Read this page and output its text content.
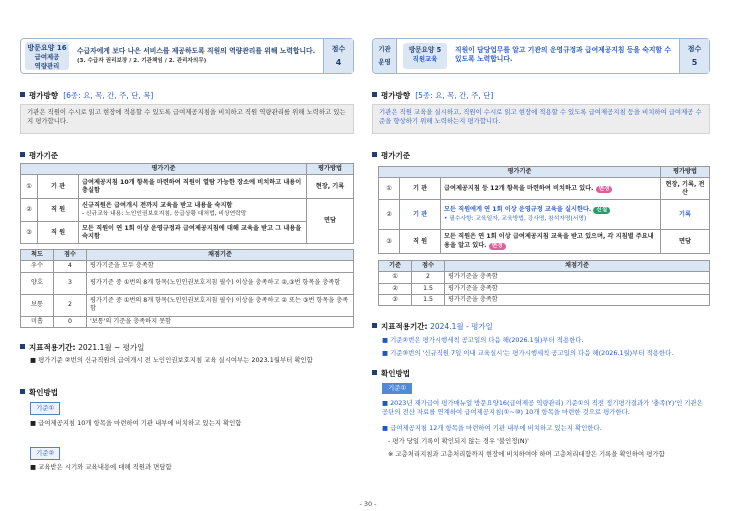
방문요양 16
급여제공
역량관리
수급자에게 보다 나은 서비스를 제공하도록 직원의 역량관리를 위해 노력합니다.
(3. 수급자 권리보장 / 2. 기관책임 / 2. 관리자의무)
점수
4
평가방향 [6종: 요, 목, 간, 주, 단, 복]
기관은 직원이 수시로 읽고 현장에 적용할 수 있도록 급여제공지침을 비치하고 직원 역량관리를 위해 노력하고 있는지 평가합니다.
평가기준
평가기준			평가방법
①	기 관	급여제공지침 10개 항목을 마련하여 직원이 열람 가능한 장소에 비치하고 내용이 충실함	현장, 기록
②	직 원	신규직원은 급여개시 전까지 교육을 받고 내용을 숙지함
- 신규교육 내용: 노인인권보호지침, 응급상황 대처법, 비상연락망	면담
③	직 원	모든 직원이 연 1회 이상 운영규정과 급여제공지침에 대해 교육을 받고 그 내용을 숙지함	
척도	점수	채점기준
우수	4	평가기준을 모두 충족함
양호	3	평가기준 중 ①번의 8개 항목(노인인권보호지침 필수) 이상을 충족하고 ②,③번 항목을 충족함
보통	2	평가기준 중 ①번의 8개 항목(노인인권보호지침 필수) 이상을 충족하고 ② 또는 ③번 항목을 충족함
미흡	0	'보통'의 기준을 충족하지 못함
지표적용기간: 2021.1월 ~ 평가일
■ 평가기준 ②번의 신규직원의 급여개시 전 노인인권보호지침 교육 실시여부는 2023.1월부터 확인함
확인방법
기준①
■ 급여제공지침 10개 항목을 마련하여 기관 내부에 비치하고 있는지 확인함
기준②
■ 교육받은 시기와 교육내용에 대해 직원과 면담함
기관
운영
방문요양 5
직원교육
직원이 담당업무를 알고 기관의 운영규정과 급여제공지침 등을 숙지할 수 있도록 노력합니다.
점수
5
평가방향 [5종: 요, 목, 간, 주, 단]
기관은 직원 교육을 실시하고, 직원이 수시로 읽고 현장에 적용할 수 있도록 급여제공지침 등을 비치하여 급여제공 수준을 향상하기 위해 노력하는지 평가합니다.
평가기준
평가기준			평가방법
①	기 관	급여제공지침 등 12개 항목을 마련하여 비치하고 있다. 변경	현장, 기록, 전산
②	기 관	모든 직원에게 연 1회 이상 운영규정 교육을 실시한다. 신설
• 필수사항: 교육일자, 교육방법, 강사명, 참석자명(서명)	기록
③	직 원	모든 직원은 연 1회 이상 급여제공지침 교육을 받고 있으며, 각 지침별 주요내용을 알고 있다. 변경	면담
기준	점수	채점기준
①	2	평가기준을 충족함
②	1.5	평가기준을 충족함
③	1.5	평가기준을 충족함
지표적용기간: 2024.1월 - 평가일
■ 기준②번은 평가시행세칙 공고일의 다음 해(2026.1월)부터 적용한다.
■ 기준③번의 '신규직원 7일 이내 교육실시'는 평가시행세칙 공고일의 다음 해(2026.1월)부터 적용한다.
확인방법
기준①
■ 2023년 재가급여 평가매뉴얼 방문요양16(급여제공 역량관리) 기준①의 직전 정기평가결과가 '충족(Y)'인 기관은 공단의 전산 자료를 연계하여 급여제공지침(①~⑩) 10개 항목을 마련한 것으로 평가한다.
■ 급여제공지침 12개 항목을 마련하여 기관 내부에 비치하고 있는지 확인한다.
- 평가 당일 기록이 확인되지 않는 경우 '불인정(N)'
※ 고층처리지침과 고층처리함까지 현장에 비치하여야 하며 고층처리대장은 기록을 확인하여 평가함
- 30 -
